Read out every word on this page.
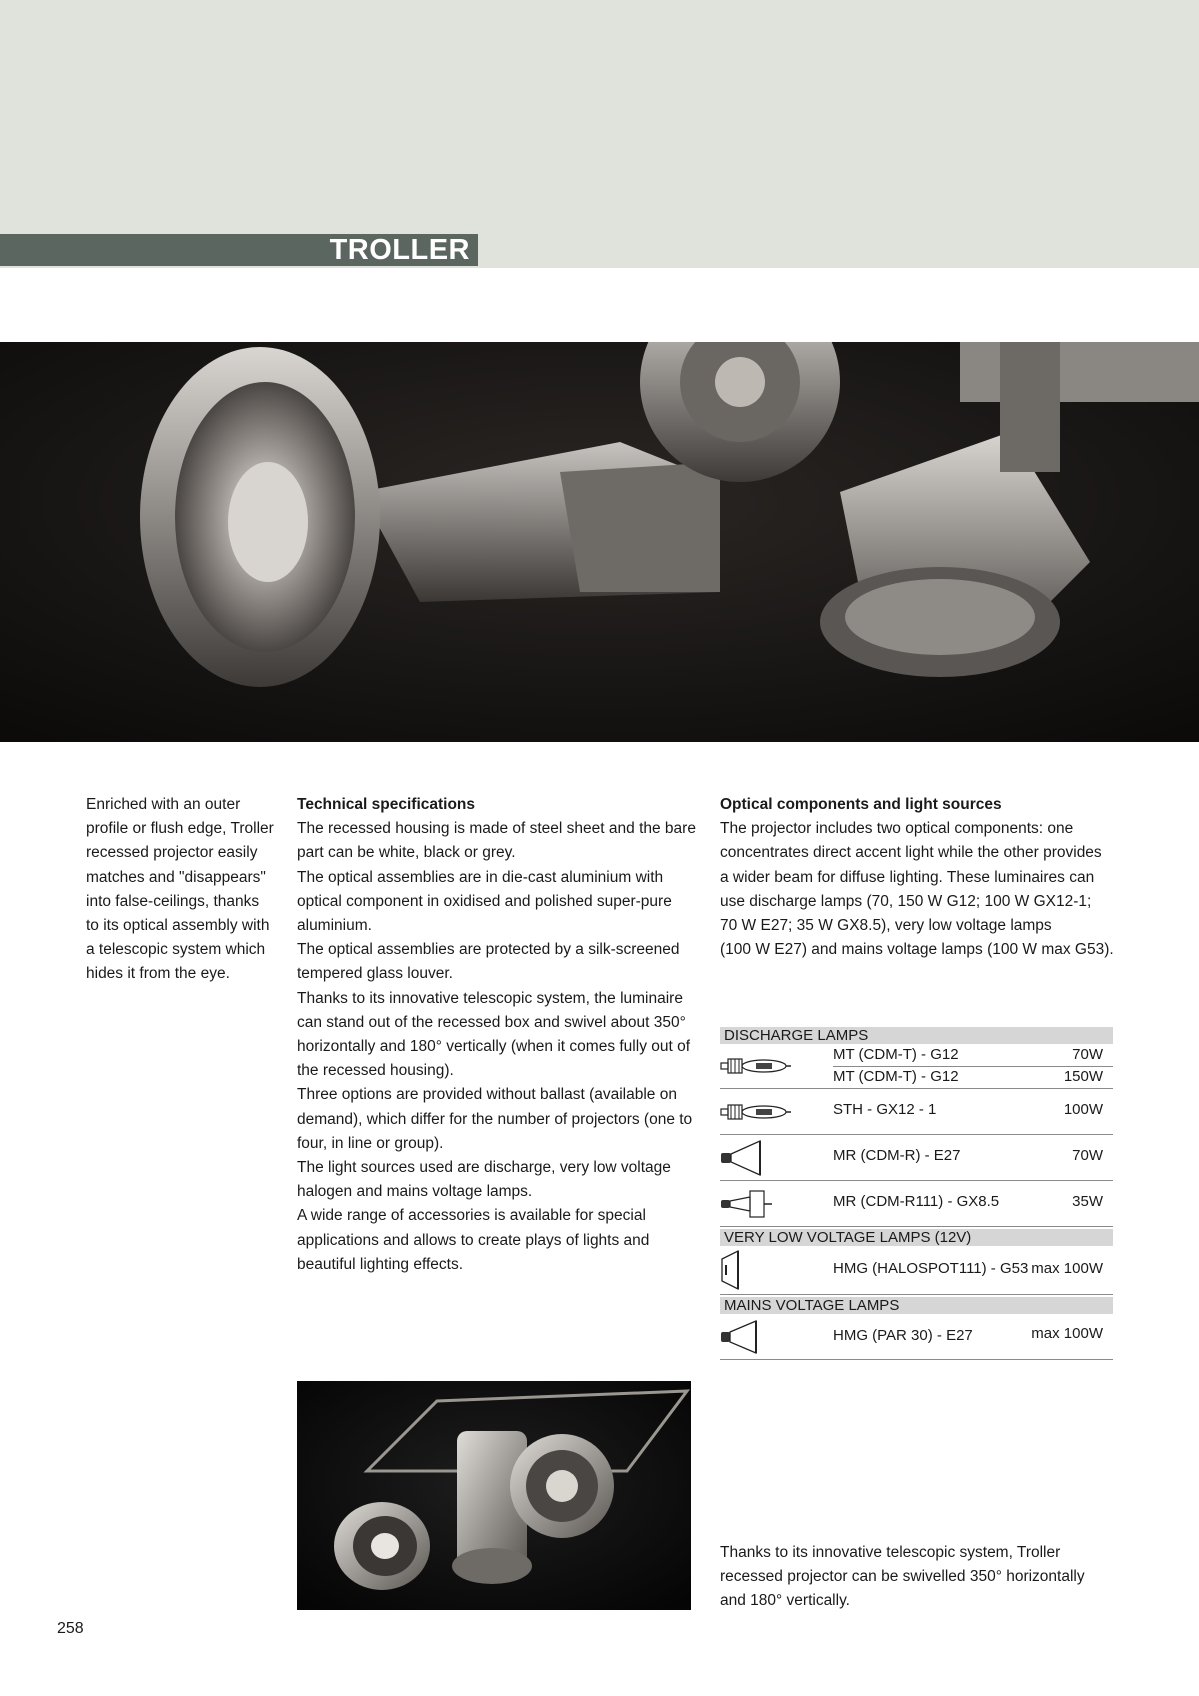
TROLLER

Enriched with an outer profile or flush edge, Troller recessed projector easily matches and "disappears" into false-ceilings, thanks to its optical assembly with a telescopic system which hides it from the eye.

Technical specifications

The recessed housing is made of steel sheet and the bare part can be white, black or grey.

The optical assemblies are in die-cast aluminium with optical component in oxidised and polished super-pure aluminium.

The optical assemblies are protected by a silk-screened tempered glass louver.

Thanks to its innovative telescopic system, the luminaire can stand out of the recessed box and swivel about 350° horizontally and 180° vertically (when it comes fully out of the recessed housing).

Three options are provided without ballast (available on demand), which differ for the number of projectors (one to four, in line or group).

The light sources used are discharge, very low voltage halogen and mains voltage lamps.

A wide range of accessories is available for special applications and allows to create plays of lights and beautiful lighting effects.

Optical components and light sources

The projector includes two optical components: one

concentrates direct accent light while the other provides

a wider beam for diffuse lighting. These luminaires can

use discharge lamps (70, 150 W G12; 100 W GX12-1;

70 W E27; 35 W GX8.5), very low voltage lamps

(100 W E27) and mains voltage lamps (100 W max G53).

DISCHARGE LAMPS
MT (CDM-T) - G12	70W
MT (CDM-T) - G12	150W
STH - GX12 - 1	100W
MR (CDM-R) - E27	70W
MR (CDM-R111) - GX8.5	35W
VERY LOW VOLTAGE LAMPS (12V)
HMG (HALOSPOT111) - G53 max 100W
MAINS VOLTAGE LAMPS
HMG (PAR 30) - E27	max 100W
Thanks to its innovative telescopic system, Troller recessed projector can be swivelled 350° horizontally and 180° vertically.
258
